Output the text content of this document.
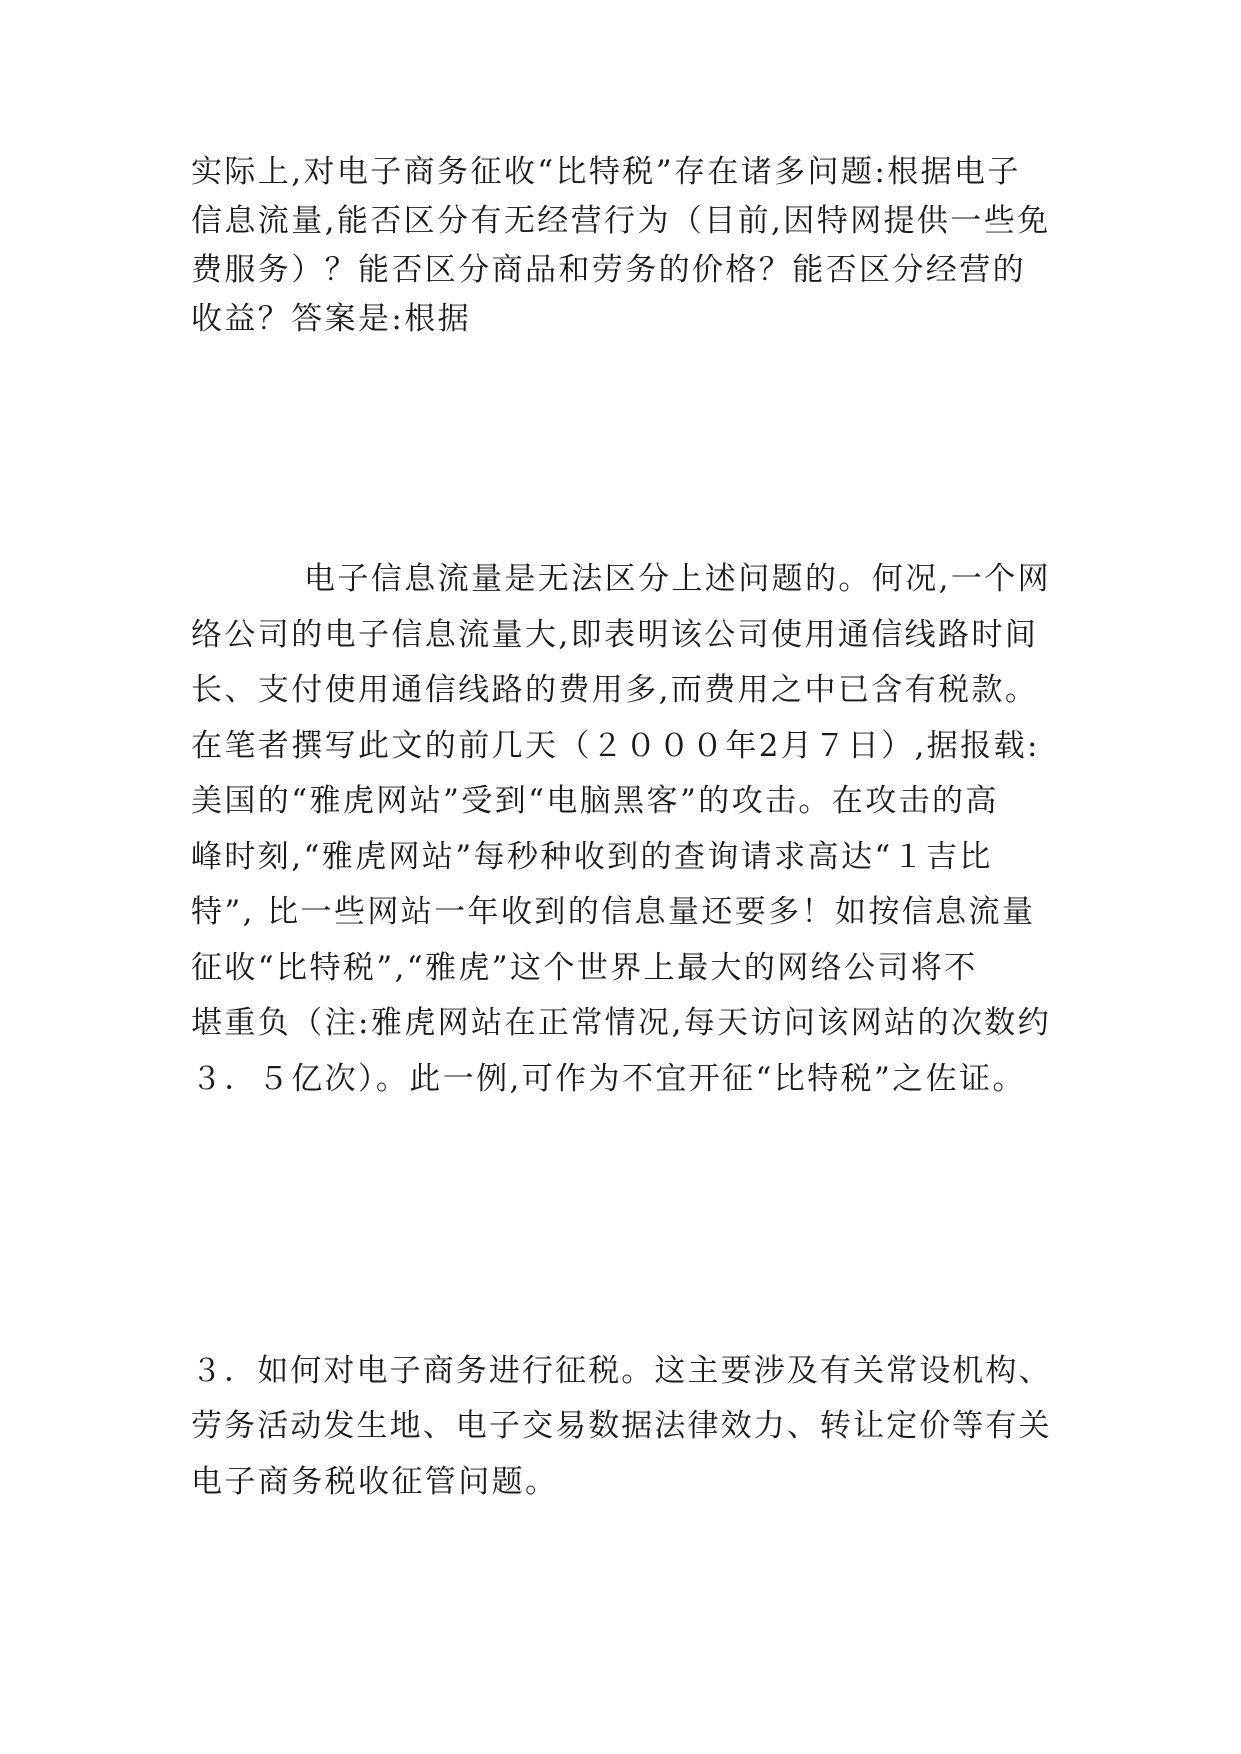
实际上,对电子商务征收“比特税”存在诸多问题:根据电子
信息流量,能否区分有无经营行为（目前,因特网提供一些免
费服务）？能否区分商品和劳务的价格？能否区分经营的
收益？答案是:根据
电子信息流量是无法区分上述问题的。何况,一个网
络公司的电子信息流量大,即表明该公司使用通信线路时间
长、支付使用通信线路的费用多,而费用之中已含有税款。
在笔者撰写此文的前几天（２０００年2月７日）,据报载:
美国的“雅虎网站”受到“电脑黑客”的攻击。在攻击的高
峰时刻,“雅虎网站”每秒种收到的查询请求高达“１吉比
特”, 比一些网站一年收到的信息量还要多！如按信息流量
征收“比特税”,“雅虎”这个世界上最大的网络公司将不
堪重负（注:雅虎网站在正常情况,每天访问该网站的次数约
３．５亿次）。此一例,可作为不宜开征“比特税”之佐证。
３．如何对电子商务进行征税。这主要涉及有关常设机构、
劳务活动发生地、电子交易数据法律效力、转让定价等有关
电子商务税收征管问题。
